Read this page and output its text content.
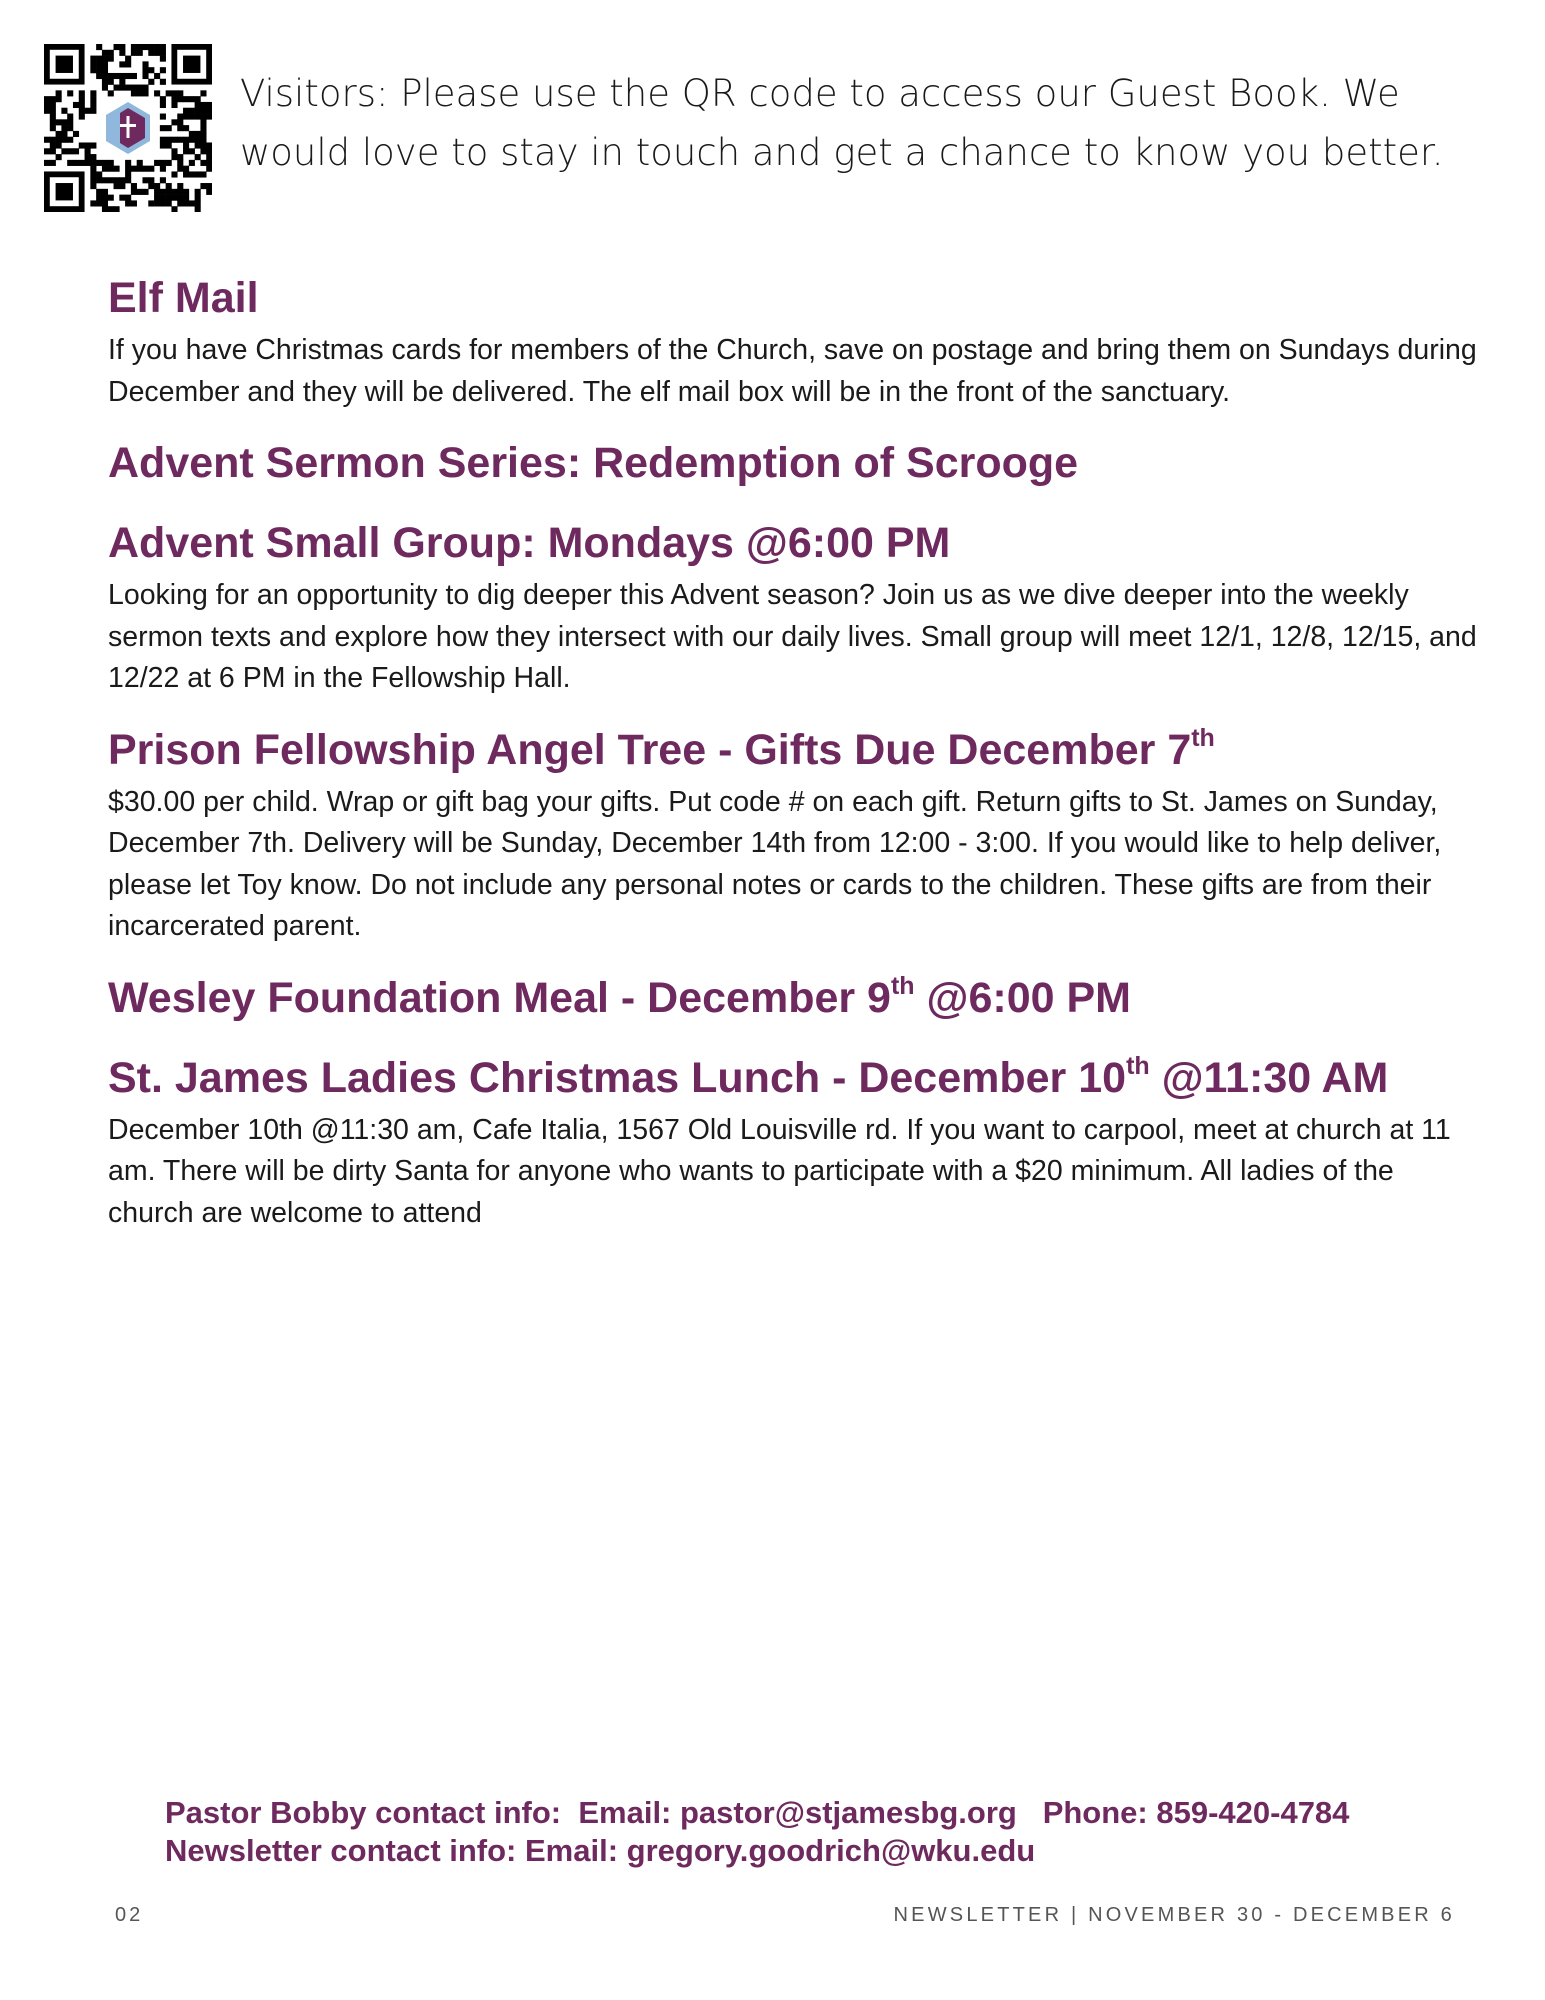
Visitors: Please use the QR code to access our Guest Book. We
would love to stay in touch and get a chance to know you better.
Elf Mail

If you have Christmas cards for members of the Church, save on postage and bring them on Sundays during December and they will be delivered. The elf mail box will be in the front of the sanctuary.

Advent Sermon Series: Redemption of Scrooge
Advent Small Group: Mondays @6:00 PM

Looking for an opportunity to dig deeper this Advent season? Join us as we dive deeper into the weekly sermon texts and explore how they intersect with our daily lives. Small group will meet 12/1, 12/8, 12/15, and 12/22 at 6 PM in the Fellowship Hall.

Prison Fellowship Angel Tree - Gifts Due December 7th

$30.00 per child. Wrap or gift bag your gifts. Put code # on each gift. Return gifts to St. James on Sunday, December 7th. Delivery will be Sunday, December 14th from 12:00 - 3:00. If you would like to help deliver, please let Toy know. Do not include any personal notes or cards to the children. These gifts are from their incarcerated parent.

Wesley Foundation Meal - December 9th @6:00 PM
St. James Ladies Christmas Lunch - December 10th @11:30 AM

December 10th @11:30 am, Cafe Italia, 1567 Old Louisville rd. If you want to carpool, meet at church at 11 am. There will be dirty Santa for anyone who wants to participate with a $20 minimum. All ladies of the church are welcome to attend

Pastor Bobby contact info:  Email: pastor@stjamesbg.org   Phone: 859-420-4784
Newsletter contact info: Email: gregory.goodrich@wku.edu
02	NEWSLETTER | NOVEMBER 30 - DECEMBER 6
